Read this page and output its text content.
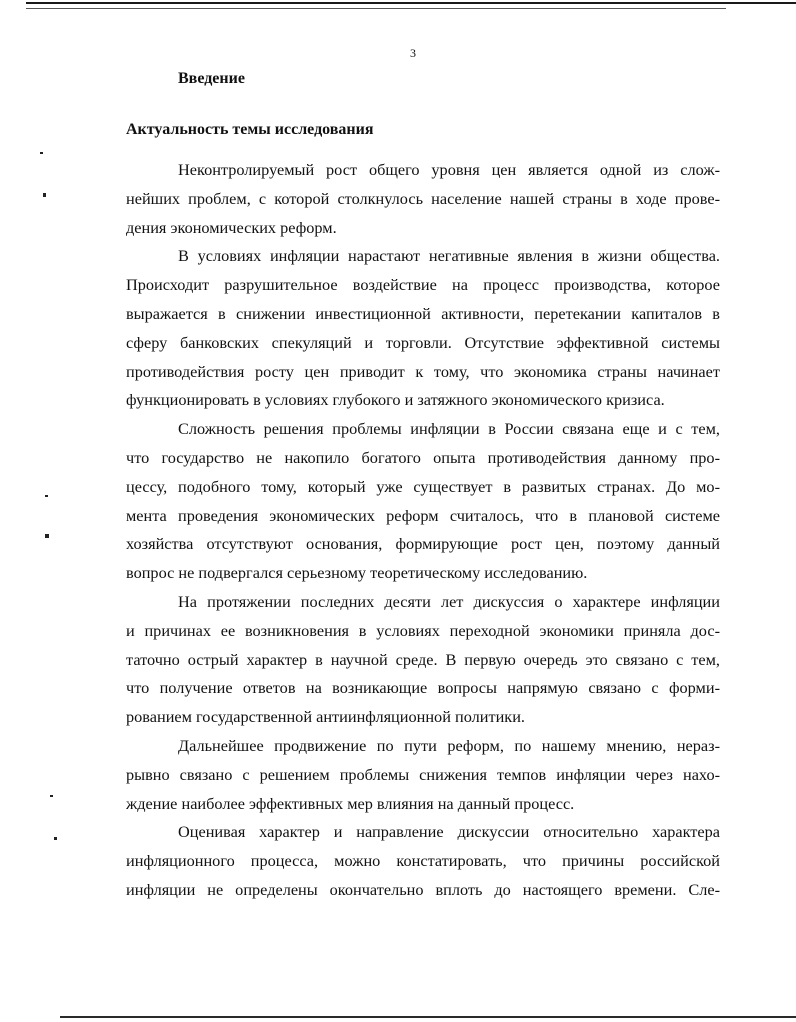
3
Введение
Актуальность темы исследования
Неконтролируемый рост общего уровня цен является одной из слож-
нейших проблем, с которой столкнулось население нашей страны в ходе прове-
дения экономических реформ.
В условиях инфляции нарастают негативные явления в жизни общества.
Происходит разрушительное воздействие на процесс производства, которое
выражается в снижении инвестиционной активности, перетекании капиталов в
сферу банковских спекуляций и торговли. Отсутствие эффективной системы
противодействия росту цен приводит к тому, что экономика страны начинает
функционировать в условиях глубокого и затяжного экономического кризиса.
Сложность решения проблемы инфляции в России связана еще и с тем,
что государство не накопило богатого опыта противодействия данному про-
цессу, подобного тому, который уже существует в развитых странах. До мо-
мента проведения экономических реформ считалось, что в плановой системе
хозяйства отсутствуют основания, формирующие рост цен, поэтому данный
вопрос не подвергался серьезному теоретическому исследованию.
На протяжении последних десяти лет дискуссия о характере инфляции
и причинах ее возникновения в условиях переходной экономики приняла дос-
таточно острый характер в научной среде. В первую очередь это связано с тем,
что получение ответов на возникающие вопросы напрямую связано с форми-
рованием государственной антиинфляционной политики.
Дальнейшее продвижение по пути реформ, по нашему мнению, нераз-
рывно связано с решением проблемы снижения темпов инфляции через нахо-
ждение наиболее эффективных мер влияния на данный процесс.
Оценивая характер и направление дискуссии относительно характера
инфляционного процесса, можно констатировать, что причины российской
инфляции не определены окончательно вплоть до настоящего времени. Сле-
